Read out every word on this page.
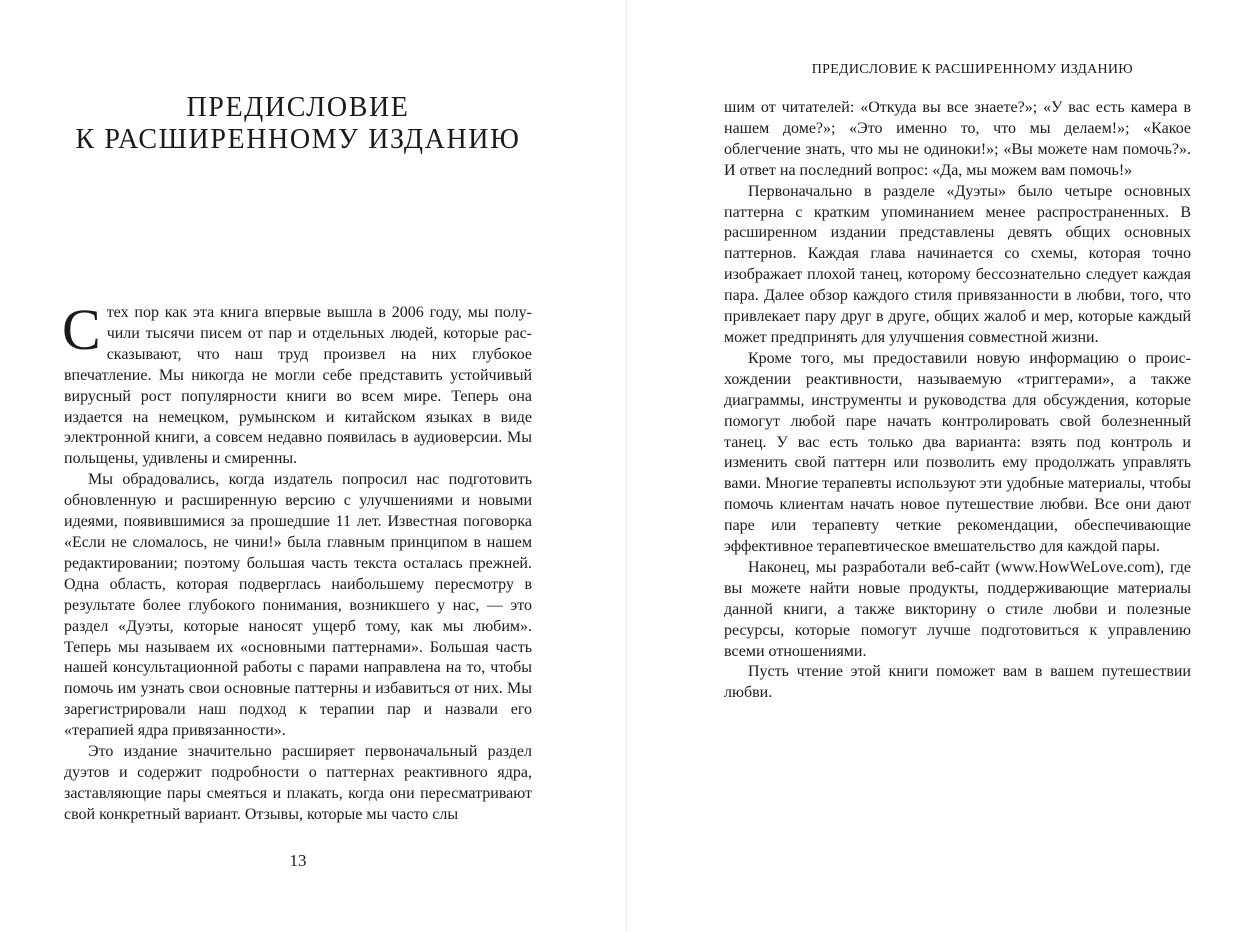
ПРЕДИСЛОВИЕ
К РАСШИРЕННОМУ ИЗДАНИЮ

С тех пор как эта книга впервые вышла в 2006 году, мы получили тысячи писем от пар и отдельных людей, которые рассказывают, что наш труд произвел на них глубокое впечатление. Мы никогда не могли себе представить устойчивый вирусный рост популярности книги во всем мире. Теперь она издается на немецком, румынском и китайском языках в виде электронной книги, а совсем недавно появилась в аудиоверсии. Мы польщены, удивлены и смиренны.

Мы обрадовались, когда издатель попросил нас подготовить обновленную и расширенную версию с улучшениями и новыми идеями, появившимися за прошедшие 11 лет. Известная поговорка «Если не сломалось, не чини!» была главным принципом в нашем редактировании; поэтому большая часть текста осталась прежней. Одна область, которая подверглась наибольшему пересмотру в результате более глубокого понимания, возникшего у нас, — это раздел «Дуэты, которые наносят ущерб тому, как мы любим». Теперь мы называем их «основными паттернами». Большая часть нашей консультационной работы с парами направлена на то, чтобы помочь им узнать свои основные паттерны и избавиться от них. Мы зарегистрировали наш подход к терапии пар и назвали его «терапией ядра привязанности».

Это издание значительно расширяет первоначальный раздел дуэтов и содержит подробности о паттернах реактивного ядра, заставляющие пары смеяться и плакать, когда они пересматривают свой конкретный вариант. Отзывы, которые мы часто слы

13
ПРЕДИСЛОВИЕ К РАСШИРЕННОМУ ИЗДАНИЮ

шим от читателей: «Откуда вы все знаете?»; «У вас есть камера в нашем доме?»; «Это именно то, что мы делаем!»; «Какое облегчение знать, что мы не одиноки!»; «Вы можете нам помочь?». И ответ на последний вопрос: «Да, мы можем вам помочь!»

Первоначально в разделе «Дуэты» было четыре основных паттерна с кратким упоминанием менее распространенных. В расширенном издании представлены девять общих основных паттернов. Каждая глава начинается со схемы, которая точно изображает плохой танец, которому бессознательно следует каждая пара. Далее обзор каждого стиля привязанности в любви, того, что привлекает пару друг в друге, общих жалоб и мер, которые каждый может предпринять для улучшения совместной жизни.

Кроме того, мы предоставили новую информацию о происхождении реактивности, называемую «триггерами», а также диаграммы, инструменты и руководства для обсуждения, которые помогут любой паре начать контролировать свой болезненный танец. У вас есть только два варианта: взять под контроль и изменить свой паттерн или позволить ему продолжать управлять вами. Многие терапевты используют эти удобные материалы, чтобы помочь клиентам начать новое путешествие любви. Все они дают паре или терапевту четкие рекомендации, обеспечивающие эффективное терапевтическое вмешательство для каждой пары.

Наконец, мы разработали веб-сайт (www.HowWeLove.com), где вы можете найти новые продукты, поддерживающие материалы данной книги, а также викторину о стиле любви и полезные ресурсы, которые помогут лучше подготовиться к управлению всеми отношениями.

Пусть чтение этой книги поможет вам в вашем путешествии любви.
